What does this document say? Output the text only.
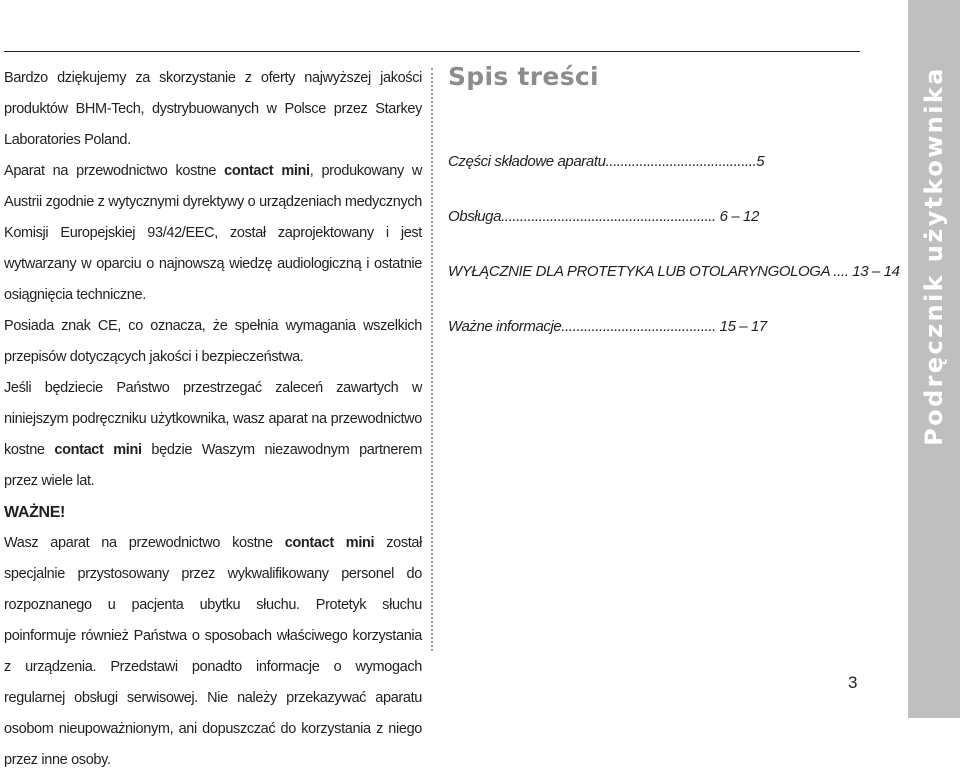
Bardzo dziękujemy za skorzystanie z oferty najwyższej jakości produktów BHM-Tech, dystrybuowanych w Polsce przez Starkey Laboratories Poland.

Aparat na przewodnictwo kostne contact mini, produkowany w Austrii zgodnie z wytycznymi dyrektywy o urządzeniach medycznych Komisji Europejskiej 93/42/EEC, został zaprojektowany i jest wytwarzany w oparciu o najnowszą wiedzę audiologiczną i ostatnie osiągnięcia techniczne.

Posiada znak CE, co oznacza, że spełnia wymagania wszelkich przepisów dotyczących jakości i bezpieczeństwa.

Jeśli będziecie Państwo przestrzegać zaleceń zawartych w niniejszym podręczniku użytkownika, wasz aparat na przewodnictwo kostne contact mini będzie Waszym niezawodnym partnerem przez wiele lat.

WAŻNE!

Wasz aparat na przewodnictwo kostne contact mini został specjalnie przystosowany przez wykwalifikowany personel do rozpoznanego u pacjenta ubytku słuchu. Protetyk słuchu poinformuje również Państwa o sposobach właściwego korzystania z urządzenia. Przedstawi ponadto informacje o wymogach regularnej obsługi serwisowej. Nie należy przekazywać aparatu osobom nieupoważnionym, ani dopuszczać do korzystania z niego przez inne osoby.

Spis treści
Części składowe aparatu........................................5
Obsługa......................................................... 6 – 12
WYŁĄCZNIE DLA PROTETYKA LUB OTOLARYNGOLOGA .... 13 – 14
Ważne informacje......................................... 15 – 17	Podręcznik użytkownika
3
